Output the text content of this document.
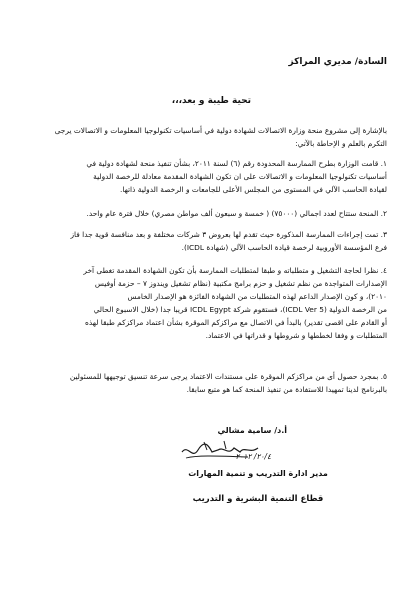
السادة/ مديري المراكز
تحية طيبة و بعد،،،
بالإشارة إلى مشروع منحة وزارة الاتصالات لشهادة دولية في أساسيات تكنولوجيا المعلومات و الاتصالات يرجى
التكرم بالعلم و الإحاطة بالآتي:
١. قامت الوزارة بطرح الممارسة المحدودة رقم (٦) لسنة ٢٠١١، بشأن تنفيذ منحة لشهادة دولية في
أساسيات تكنولوجيا المعلومات و الاتصالات على ان تكون الشهادة المقدمة معادلة للرخصة الدولية
لقيادة الحاسب الآلي في المستوى من المجلس الأعلى للجامعات و الرخصة الدولية ذاتها.
٢. المنحة ستتاح لعدد اجمالي (٧٥٠٠٠) ( خمسة و سبعون ألف مواطن مصري) خلال فترة عام واحد.
٣. تمت إجراءات الممارسة المذكورة حيث تقدم لها بعروض ٣ شركات مختلفة و بعد منافسة قوية جدا فاز
فرع المؤسسة الأوروبية لرخصة قيادة الحاسب الآلي (شهادة ICDL).
٤. نظرا لحاجة التشغيل و متطلباته و طبقا لمتطلبات الممارسة بأن تكون الشهادة المقدمة تغطى آخر
الإصدارات المتواجدة من نظم تشغيل و حزم برامج مكتبية (نظام تشغيل ويندوز ٧ – حزمة أوفيس
٢٠١٠)، و كون الإصدار الداعم لهذه المتطلبات من الشهادة الفائزة هو الإصدار الخامس
من الرخصة الدولية (ICDL Ver 5)، فستقوم شركة ICDL Egypt قريبا جدا (خلال الاسبوع الحالي
أو القادم على اقصى تقدير) بالبدأ في الاتصال مع مراكزكم الموقرة بشأن اعتماد مراكزكم طبقا لهذه
المتطلبات و وفقا لخططها و شروطها و قدراتها في الاعتماد.
٥. بمجرد حصول أى من مراكزكم الموقرة على مستندات الاعتماد يرجى سرعة تنسيق توجيهها للمسئولين
بالبرنامج لدينا تمهيدا للاستفادة من تنفيذ المنحة كما هو متبع سابقا.
أ.د/ سامية مشالي
٢٠/٤/ ٢٠١٢
مدير ادارة التدريب و تنمية المهارات
قطاع التنمية البشرية و التدريب
